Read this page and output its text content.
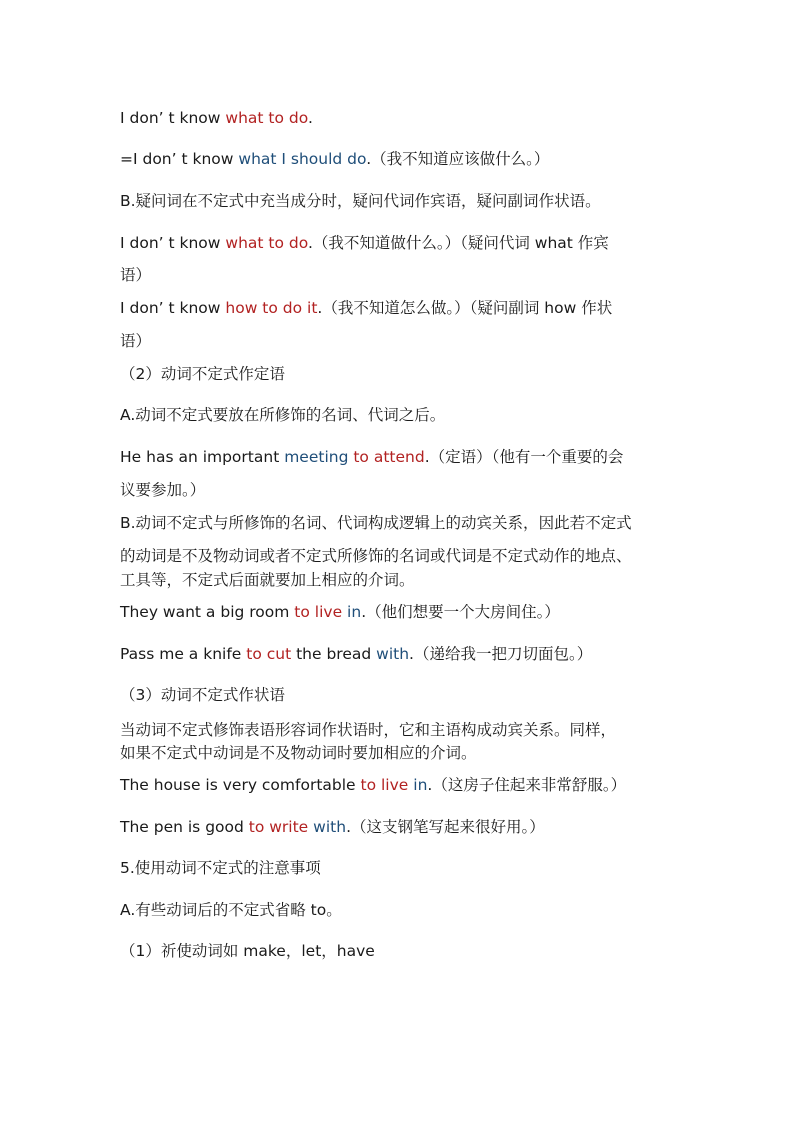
I don’ t know what to do.
=I don’ t know what I should do.（我不知道应该做什么。）
B.疑问词在不定式中充当成分时，疑问代词作宾语，疑问副词作状语。
I don’ t know what to do.（我不知道做什么。）（疑问代词 what 作宾
语）
I don’ t know how to do it.（我不知道怎么做。）（疑问副词 how 作状
语）
（2）动词不定式作定语
A.动词不定式要放在所修饰的名词、代词之后。
He has an important meeting to attend.（定语）（他有一个重要的会
议要参加。）
B.动词不定式与所修饰的名词、代词构成逻辑上的动宾关系，因此若不定式
的动词是不及物动词或者不定式所修饰的名词或代词是不定式动作的地点、
工具等，不定式后面就要加上相应的介词。
They want a big room to live in.（他们想要一个大房间住。）
Pass me a knife to cut the bread with.（递给我一把刀切面包。）
（3）动词不定式作状语
当动词不定式修饰表语形容词作状语时，它和主语构成动宾关系。同样，
如果不定式中动词是不及物动词时要加相应的介词。
The house is very comfortable to live in.（这房子住起来非常舒服。）
The pen is good to write with.（这支钢笔写起来很好用。）
5.使用动词不定式的注意事项
A.有些动词后的不定式省略 to。
（1）祈使动词如 make，let，have
